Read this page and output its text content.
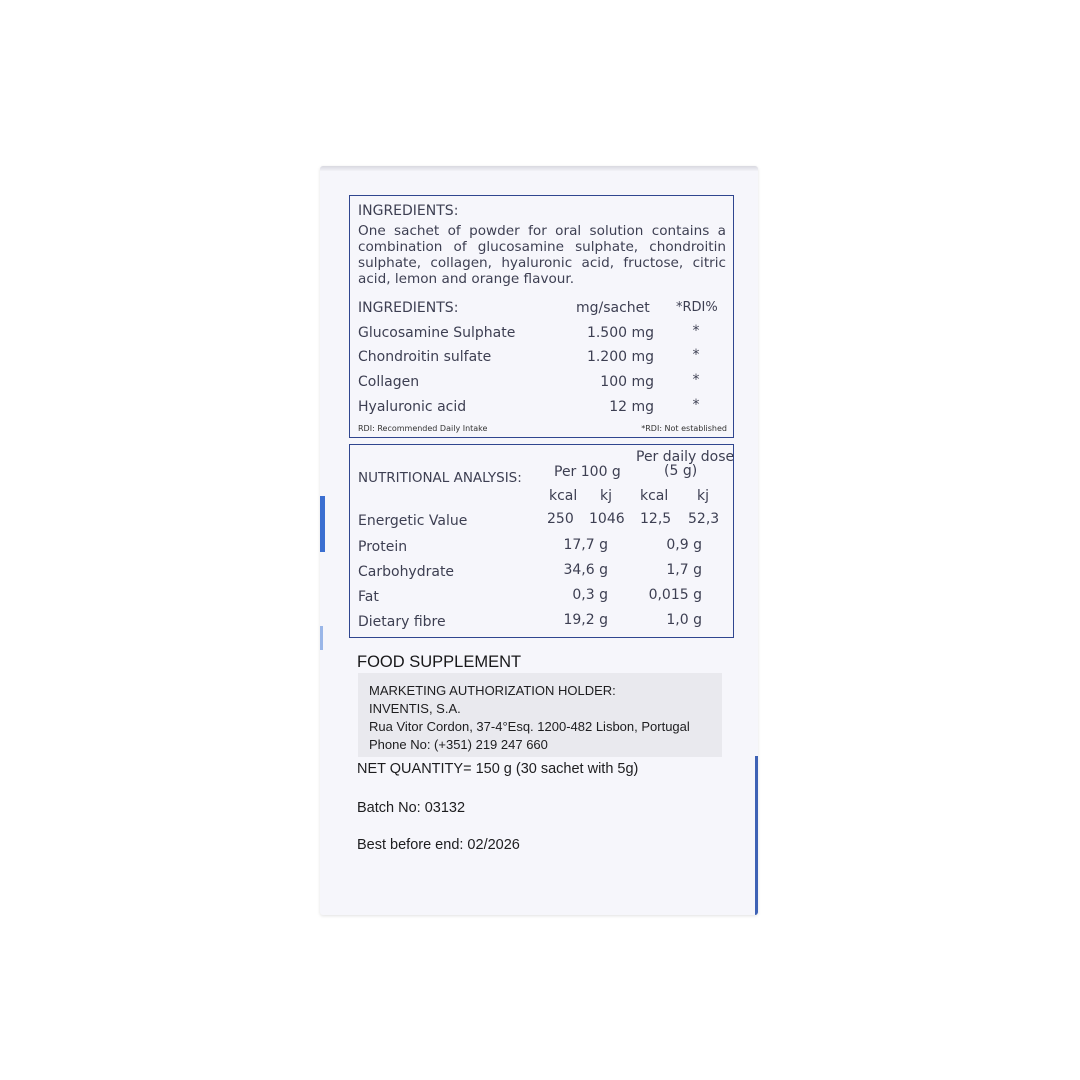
INGREDIENTS:
One sachet of powder for oral solution contains a combination of glucosamine sulphate, chondroitin sulphate, collagen, hyaluronic acid, fructose, citric acid, lemon and orange flavour.
INGREDIENTS:	mg/sachet *RDI%
Glucosamine Sulphate	1.500 mg	*
Chondroitin sulfate	1.200 mg	*
Collagen	100 mg	*
Hyaluronic acid	12 mg	*
RDI: Recommended Daily Intake	*RDI: Not established
NUTRITIONAL ANALYSIS: Per 100 g
Per daily dose
(5 g)
kcal kj kcal kj
Energetic Value	250 1046 12,5 52,3
Protein	17,7 g	0,9 g
Carbohydrate	34,6 g	1,7 g
Fat	0,3 g	0,015 g
Dietary fibre	19,2 g	1,0 g
FOOD SUPPLEMENT
MARKETING AUTHORIZATION HOLDER:
INVENTIS, S.A.
Rua Vitor Cordon, 37-4°Esq. 1200-482 Lisbon, Portugal
Phone No: (+351) 219 247 660
NET QUANTITY= 150 g (30 sachet with 5g)
Batch No: 03132
Best before end: 02/2026
